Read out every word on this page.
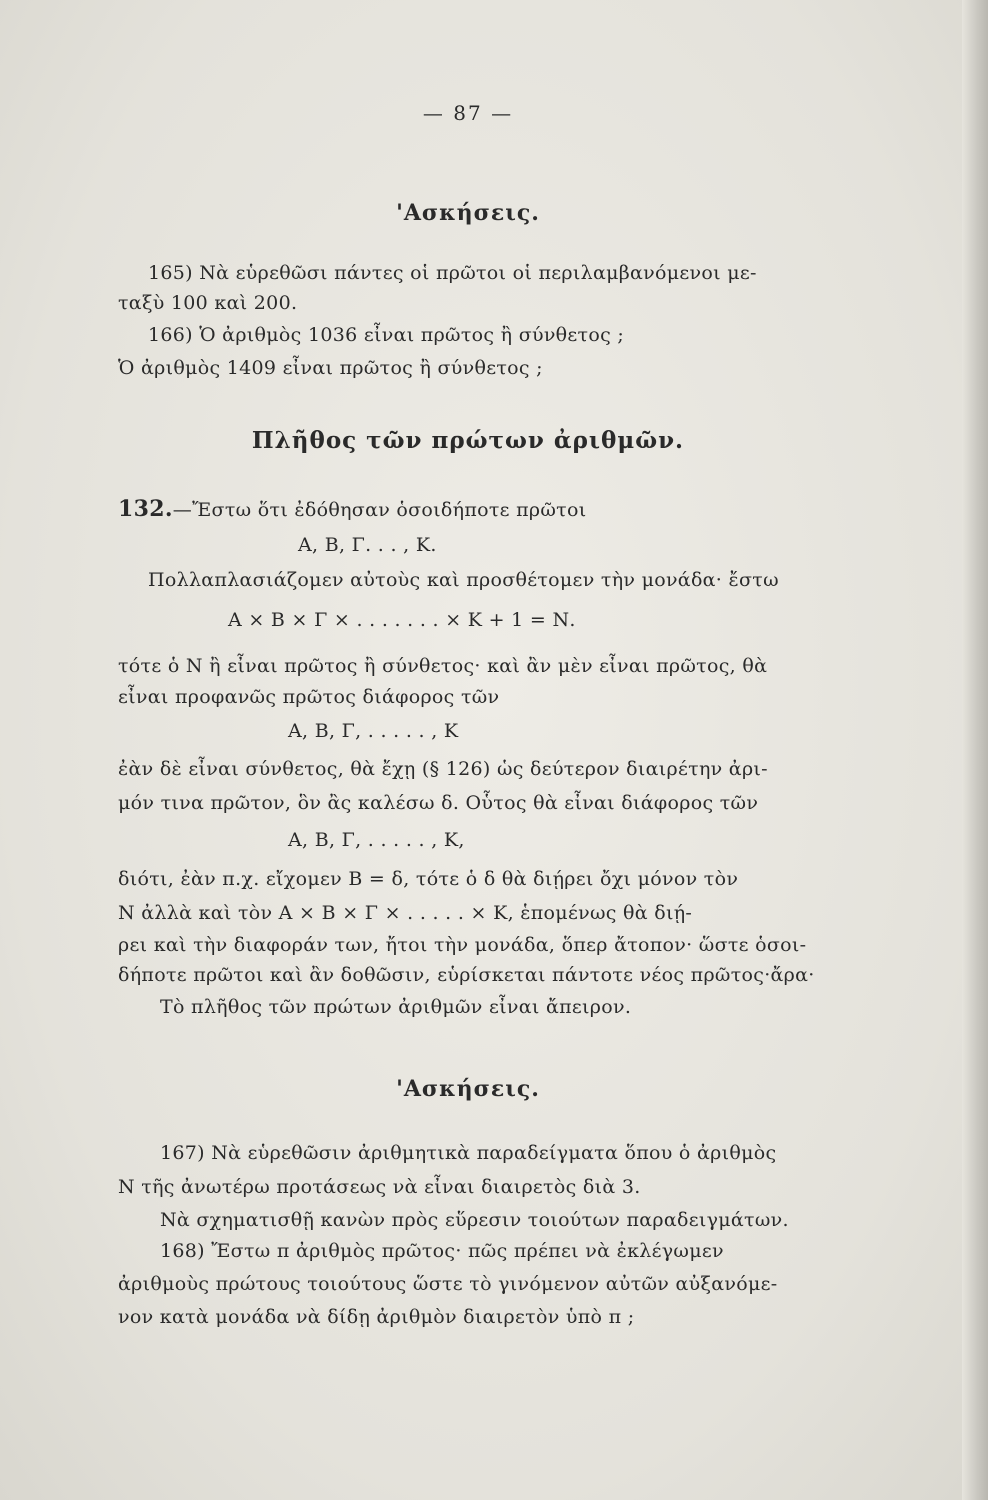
— 87 —
'Ασκήσεις.
165) Νὰ εὑρεθῶσι πάντες οἱ πρῶτοι οἱ περιλαμβανόμενοι με-
ταξὺ 100 καὶ 200.
166) Ὁ ἀριθμὸς 1036 εἶναι πρῶτος ἢ σύνθετος ;
Ὁ ἀριθμὸς 1409 εἶναι πρῶτος ἢ σύνθετος ;
Πλῆθος τῶν πρώτων ἀριθμῶν.
132.—Ἔστω ὅτι ἐδόθησαν ὁσοιδήποτε πρῶτοι
Α, Β, Γ. . . , Κ.
Πολλαπλασιάζομεν αὐτοὺς καὶ προσθέτομεν τὴν μονάδα· ἔστω
Α × Β × Γ × . . . . . . . × Κ + 1 = Ν.
τότε ὁ Ν ἢ εἶναι πρῶτος ἢ σύνθετος· καὶ ἂν μὲν εἶναι πρῶτος, θὰ
εἶναι προφανῶς πρῶτος διάφορος τῶν
Α, Β, Γ, . . . . . , Κ
ἐὰν δὲ εἶναι σύνθετος, θὰ ἔχῃ (§ 126) ὡς δεύτερον διαιρέτην ἀρι-
μόν τινα πρῶτον, ὃν ἂς καλέσω δ. Οὗτος θὰ εἶναι διάφορος τῶν
Α, Β, Γ, . . . . . , Κ,
διότι, ἐὰν π.χ. εἴχομεν Β = δ, τότε ὁ δ θὰ διῄρει ὄχι μόνον τὸν
Ν ἀλλὰ καὶ τὸν Α × Β × Γ × . . . . . × Κ, ἑπομένως θὰ διῄ-
ρει καὶ τὴν διαφοράν των, ἤτοι τὴν μονάδα, ὅπερ ἄτοπον· ὥστε ὁσοι-
δήποτε πρῶτοι καὶ ἂν δοθῶσιν, εὑρίσκεται πάντοτε νέος πρῶτος·ἄρα·
Τὸ πλῆθος τῶν πρώτων ἀριθμῶν εἶναι ἄπειρον.
'Ασκήσεις.
167) Νὰ εὑρεθῶσιν ἀριθμητικὰ παραδείγματα ὅπου ὁ ἀριθμὸς
Ν τῆς ἀνωτέρω προτάσεως νὰ εἶναι διαιρετὸς διὰ 3.
Νὰ σχηματισθῇ κανὼν πρὸς εὕρεσιν τοιούτων παραδειγμάτων.
168) Ἔστω π ἀριθμὸς πρῶτος· πῶς πρέπει νὰ ἐκλέγωμεν
ἀριθμοὺς πρώτους τοιούτους ὥστε τὸ γινόμενον αὐτῶν αὐξανόμε-
νον κατὰ μονάδα νὰ δίδῃ ἀριθμὸν διαιρετὸν ὑπὸ π ;
